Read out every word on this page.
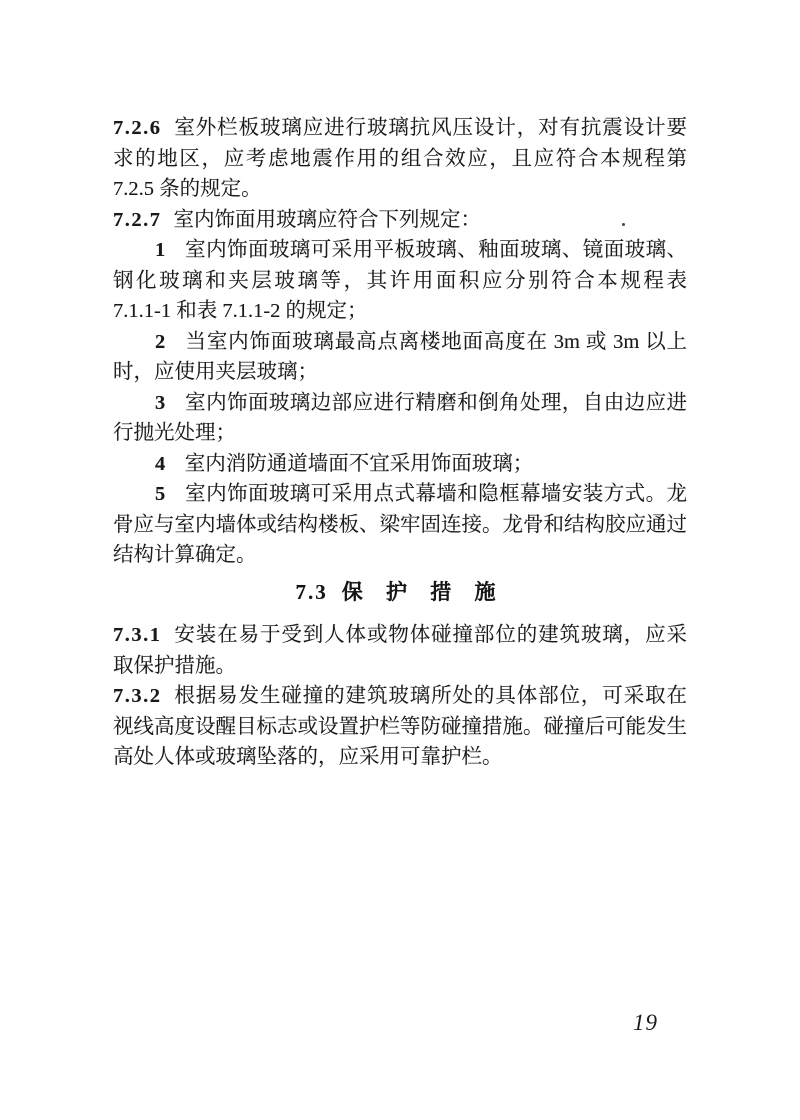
7.2.6 室外栏板玻璃应进行玻璃抗风压设计，对有抗震设计要
求的地区，应考虑地震作用的组合效应，且应符合本规程第
7.2.5 条的规定。

7.2.7 室内饰面用玻璃应符合下列规定：

1 室内饰面玻璃可采用平板玻璃、釉面玻璃、镜面玻璃、
钢化玻璃和夹层玻璃等，其许用面积应分别符合本规程表
7.1.1-1 和表 7.1.1-2 的规定；

2 当室内饰面玻璃最高点离楼地面高度在 3m 或 3m 以上
时，应使用夹层玻璃；

3 室内饰面玻璃边部应进行精磨和倒角处理，自由边应进
行抛光处理；

4 室内消防通道墙面不宜采用饰面玻璃；

5 室内饰面玻璃可采用点式幕墙和隐框幕墙安装方式。龙
骨应与室内墙体或结构楼板、梁牢固连接。龙骨和结构胶应通过
结构计算确定。

7.3 保 护 措 施

7.3.1 安装在易于受到人体或物体碰撞部位的建筑玻璃，应采
取保护措施。

7.3.2 根据易发生碰撞的建筑玻璃所处的具体部位，可采取在
视线高度设醒目标志或设置护栏等防碰撞措施。碰撞后可能发生
高处人体或玻璃坠落的，应采用可靠护栏。

19
